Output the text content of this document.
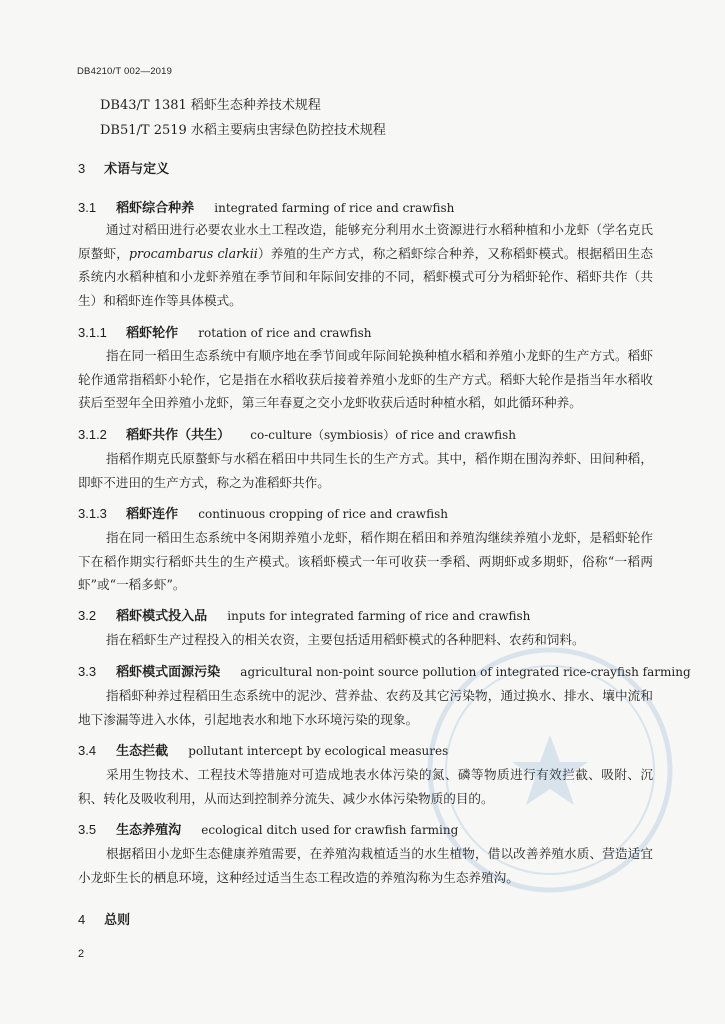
DB4210/T 002—2019
DB43/T 1381 稻虾生态种养技术规程
DB51/T 2519 水稻主要病虫害绿色防控技术规程
3 术语与定义
3.1 稻虾综合种养 integrated farming of rice and crawfish
通过对稻田进行必要农业水土工程改造，能够充分利用水土资源进行水稻种植和小龙虾（学名克氏原螯虾，procambarus clarkii）养殖的生产方式，称之稻虾综合种养，又称稻虾模式。根据稻田生态系统内水稻种植和小龙虾养殖在季节间和年际间安排的不同，稻虾模式可分为稻虾轮作、稻虾共作（共生）和稻虾连作等具体模式。
3.1.1 稻虾轮作 rotation of rice and crawfish
指在同一稻田生态系统中有顺序地在季节间或年际间轮换种植水稻和养殖小龙虾的生产方式。稻虾轮作通常指稻虾小轮作，它是指在水稻收获后接着养殖小龙虾的生产方式。稻虾大轮作是指当年水稻收获后至翌年全田养殖小龙虾，第三年春夏之交小龙虾收获后适时种植水稻，如此循环种养。
3.1.2 稻虾共作（共生） co-culture（symbiosis）of rice and crawfish
指稻作期克氏原螯虾与水稻在稻田中共同生长的生产方式。其中，稻作期在围沟养虾、田间种稻，即虾不进田的生产方式，称之为准稻虾共作。
3.1.3 稻虾连作 continuous cropping of rice and crawfish
指在同一稻田生态系统中冬闲期养殖小龙虾，稻作期在稻田和养殖沟继续养殖小龙虾，是稻虾轮作下在稻作期实行稻虾共生的生产模式。该稻虾模式一年可收获一季稻、两期虾或多期虾，俗称“一稻两虾”或“一稻多虾”。
3.2 稻虾模式投入品 inputs for integrated farming of rice and crawfish
指在稻虾生产过程投入的相关农资，主要包括适用稻虾模式的各种肥料、农药和饲料。
3.3 稻虾模式面源污染 agricultural non-point source pollution of integrated rice-crayfish farming
指稻虾种养过程稻田生态系统中的泥沙、营养盐、农药及其它污染物，通过换水、排水、壤中流和地下渗漏等进入水体，引起地表水和地下水环境污染的现象。
3.4 生态拦截 pollutant intercept by ecological measures
采用生物技术、工程技术等措施对可造成地表水体污染的氮、磷等物质进行有效拦截、吸附、沉积、转化及吸收利用，从而达到控制养分流失、减少水体污染物质的目的。
3.5 生态养殖沟 ecological ditch used for crawfish farming
根据稻田小龙虾生态健康养殖需要，在养殖沟栽植适当的水生植物，借以改善养殖水质、营造适宜小龙虾生长的栖息环境，这种经过适当生态工程改造的养殖沟称为生态养殖沟。
4 总则
2
